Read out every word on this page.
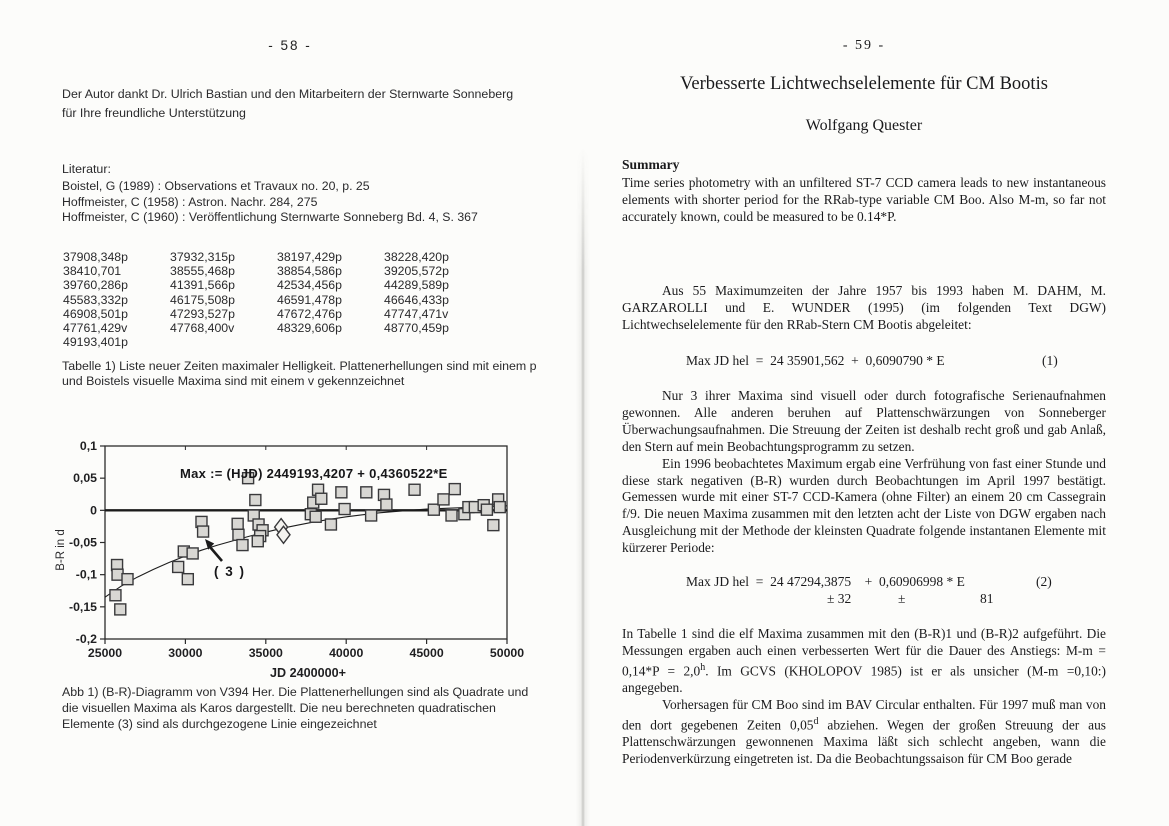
- 58 -

Der Autor dankt Dr. Ulrich Bastian und den Mitarbeitern der Sternwarte Sonneberg für Ihre freundliche Unterstützung

Literatur:

Boistel, G (1989) : Observations et Travaux no. 20, p. 25
Hoffmeister, C (1958) : Astron. Nachr. 284, 275
Hoffmeister, C (1960) : Veröffentlichung Sternwarte Sonneberg Bd. 4, S. 367
37908,348p	37932,315p	38197,429p	38228,420p
38410,701	38555,468p	38854,586p	39205,572p
39760,286p	41391,566p	42534,456p	44289,589p
45583,332p	46175,508p	46591,478p	46646,433p
46908,501p	47293,527p	47672,476p	47747,471v
47761,429v	47768,400v	48329,606p	48770,459p
49193,401p

Tabelle 1) Liste neuer Zeiten maximaler Helligkeit. Plattenerhellungen sind mit einem p und Boistels visuelle Maxima sind mit einem v gekennzeichnet

25000	30000	35000	40000	45000	50000
0,1
0,05
0
-0,05
-0,1
-0,15
-0,2
Max := (HJD) 2449193,4207 + 0,4360522*E
( 3 )
JD 2400000+
B-R in d

Abb 1) (B-R)-Diagramm von V394 Her. Die Plattenerhellungen sind als Quadrate und die visuellen Maxima als Karos dargestellt. Die neu berechneten quadratischen Elemente (3) sind als durchgezogene Linie eingezeichnet

- 59 -
Verbesserte Lichtwechselelemente für CM Bootis
Wolfgang Quester

Summary

Time series photometry with an unfiltered ST-7 CCD camera leads to new instantaneous elements with shorter period for the RRab-type variable CM Boo. Also M-m, so far not accurately known, could be measured to be 0.14*P.

Aus 55 Maximumzeiten der Jahre 1957 bis 1993 haben M. DAHM, M. GARZAROLLI und E. WUNDER (1995) (im folgenden Text DGW) Lichtwechselelemente für den RRab-Stern CM Bootis abgeleitet:

Max JD hel  =  24 35901,562  +  0,6090790 * E	(1)

Nur 3 ihrer Maxima sind visuell oder durch fotografische Serienaufnahmen gewonnen. Alle anderen beruhen auf Plattenschwärzungen von Sonneberger Überwachungsaufnahmen. Die Streuung der Zeiten ist deshalb recht groß und gab Anlaß, den Stern auf mein Beobachtungsprogramm zu setzen.

Ein 1996 beobachtetes Maximum ergab eine Verfrühung von fast einer Stunde und diese stark negativen (B-R) wurden durch Beobachtungen im April 1997 bestätigt. Gemessen wurde mit einer ST-7 CCD-Kamera (ohne Filter) an einem 20 cm Cassegrain f/9. Die neuen Maxima zusammen mit den letzten acht der Liste von DGW ergaben nach Ausgleichung mit der Methode der kleinsten Quadrate folgende instantanen Elemente mit kürzerer Periode:

Max JD hel  =  24 47294,3875    +  0,60906998 * E	(2)
± 32	±	81

In Tabelle 1 sind die elf Maxima zusammen mit den (B-R)1 und (B-R)2 aufgeführt. Die Messungen ergaben auch einen verbesserten Wert für die Dauer des Anstiegs: M-m = 0,14*P = 2,0$^h$. Im GCVS (KHOLOPOV 1985) ist er als unsicher (M-m =0,10:) angegeben.

Vorhersagen für CM Boo sind im BAV Circular enthalten. Für 1997 muß man von den dort gegebenen Zeiten 0,05$^d$ abziehen. Wegen der großen Streuung der aus Plattenschwärzungen gewonnenen Maxima läßt sich schlecht angeben, wann die Periodenverkürzung eingetreten ist. Da die Beobachtungssaison für CM Boo gerade
